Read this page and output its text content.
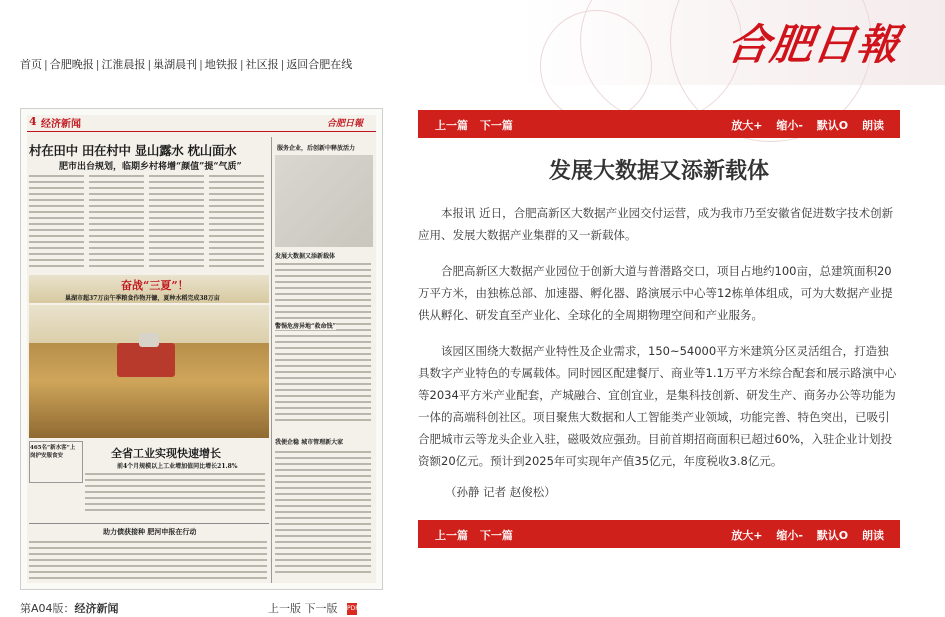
合肥日報
首页 | 合肥晚报 | 江淮晨报 | 巢湖晨刊 | 地铁报 | 社区报 | 返回合肥在线
4 经济新闻	合肥日報
村在田中 田在村中 显山露水 枕山面水
肥市出台规划，临期乡村将增“颜值”提“气质”
服务企业，后创新中释放活力
发展大数据又添新载体
奋战“三夏”！
巢湖市超37万亩午季粮食作物开镰，夏种水稻完成38万亩
465名“新水客”上岗护安服食安	全省工业实现快速增长
前4个月规模以上工业增加值同比增长21.8%
助力债获接种 肥河申报在行动
警惕危房异地“救命钱”
我便企稳 城市管理新大家
第A04版：经济新闻	上一版 下一版 PDF
上一篇 下一篇	放大+ 缩小- 默认O 朗读
发展大数据又添新载体

本报讯 近日，合肥高新区大数据产业园交付运营，成为我市乃至安徽省促进数字技术创新应用、发展大数据产业集群的又一新载体。

合肥高新区大数据产业园位于创新大道与普潜路交口，项目占地约100亩，总建筑面积20万平方米，由独栋总部、加速器、孵化器、路演展示中心等12栋单体组成，可为大数据产业提供从孵化、研发直至产业化、全球化的全周期物理空间和产业服务。

该园区围绕大数据产业特性及企业需求，150~54000平方米建筑分区灵活组合，打造独具数字产业特色的专属载体。同时园区配建餐厅、商业等1.1万平方米综合配套和展示路演中心等2034平方米产业配套，产城融合、宜创宜业，是集科技创新、研发生产、商务办公等功能为一体的高端科创社区。项目聚焦大数据和人工智能类产业领域，功能完善、特色突出，已吸引合肥城市云等龙头企业入驻，磁吸效应强劲。目前首期招商面积已超过60%，入驻企业计划投资额20亿元。预计到2025年可实现年产值35亿元，年度税收3.8亿元。

（孙静 记者 赵俊松）
上一篇 下一篇	放大+ 缩小- 默认O 朗读
